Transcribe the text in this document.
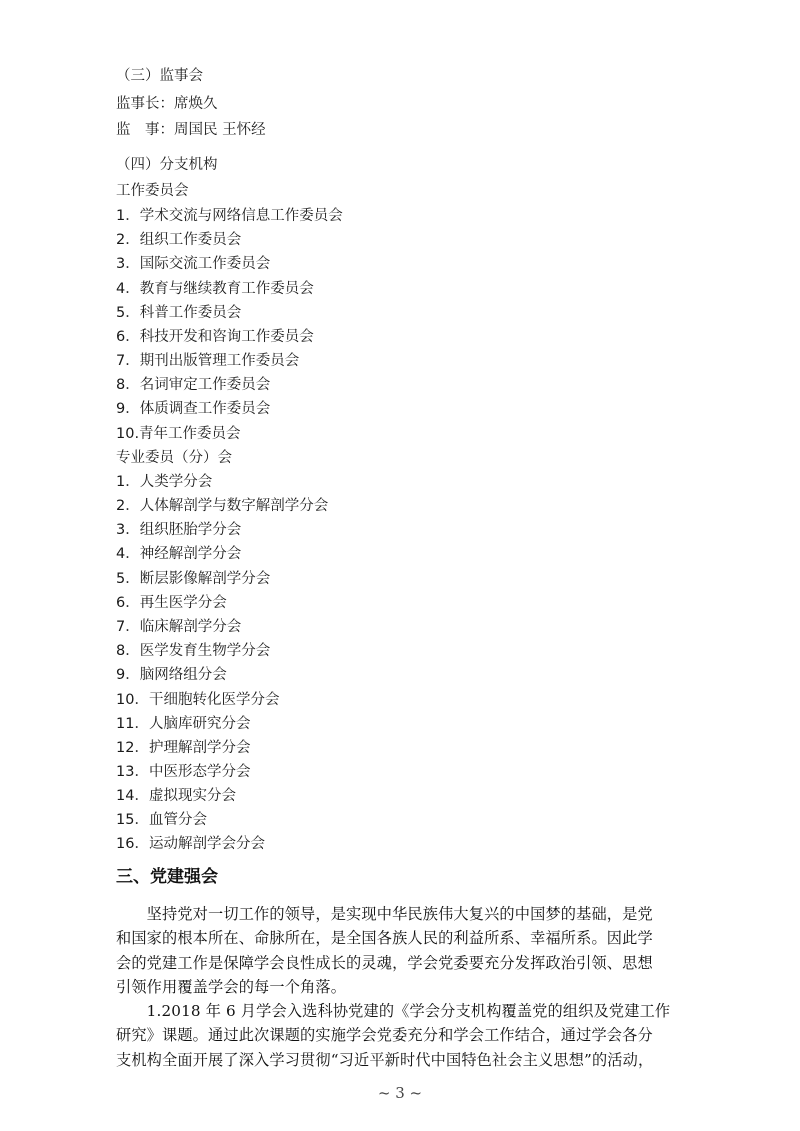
（三）监事会

监事长：席焕久

监　事：周国民 王怀经

（四）分支机构

工作委员会

1．学术交流与网络信息工作委员会

2．组织工作委员会

3．国际交流工作委员会

4．教育与继续教育工作委员会

5．科普工作委员会

6．科技开发和咨询工作委员会

7．期刊出版管理工作委员会

8．名词审定工作委员会

9．体质调查工作委员会

10.青年工作委员会

专业委员（分）会

1．人类学分会

2．人体解剖学与数字解剖学分会

3．组织胚胎学分会

4．神经解剖学分会

5．断层影像解剖学分会

6．再生医学分会

7．临床解剖学分会

8．医学发育生物学分会

9．脑网络组分会

10．干细胞转化医学分会

11．人脑库研究分会

12．护理解剖学分会

13．中医形态学分会

14．虚拟现实分会

15．血管分会

16．运动解剖学会分会

三、党建强会
　　坚持党对一切工作的领导，是实现中华民族伟大复兴的中国梦的基础，是党
和国家的根本所在、命脉所在，是全国各族人民的利益所系、幸福所系。因此学
会的党建工作是保障学会良性成长的灵魂，学会党委要充分发挥政治引领、思想
引领作用覆盖学会的每一个角落。
　　1.2018 年 6 月学会入选科协党建的《学会分支机构覆盖党的组织及党建工作
研究》课题。通过此次课题的实施学会党委充分和学会工作结合，通过学会各分
支机构全面开展了深入学习贯彻“习近平新时代中国特色社会主义思想”的活动，
~ 3 ~
